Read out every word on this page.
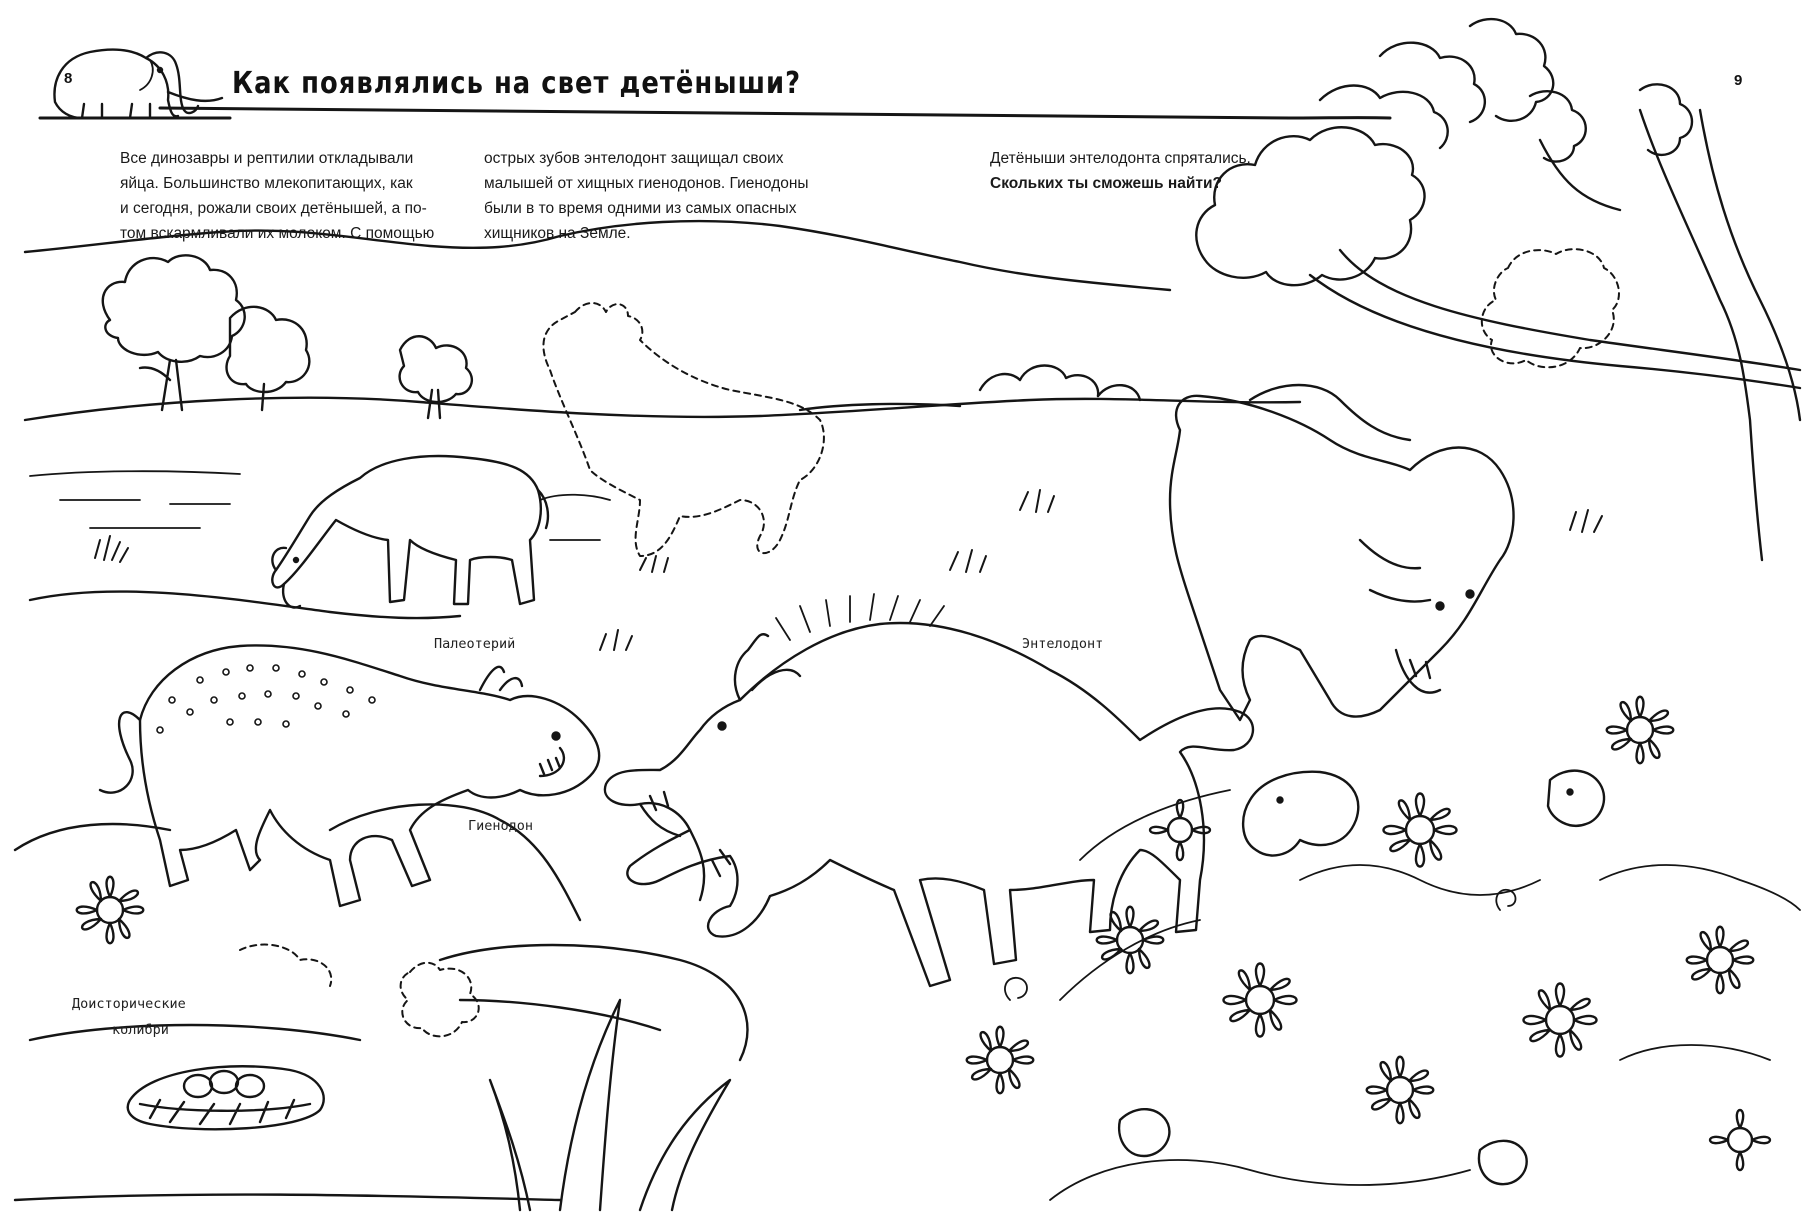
8	9
Как появлялись на свет детёныши?
Все динозавры и рептилии откладывали
яйца. Большинство млекопитающих, как
и сегодня, рожали своих детёнышей, а по-
том вскармливали их молоком. С помощью
острых зубов энтелодонт защищал своих
малышей от хищных гиенодонов. Гиенодоны
были в то время одними из самых опасных
хищников на Земле.
Детёныши энтелодонта спрятались.
Скольких ты сможешь найти?
Палеотерий	Энтелодонт
Гиенодон
Доисторические
колибри
